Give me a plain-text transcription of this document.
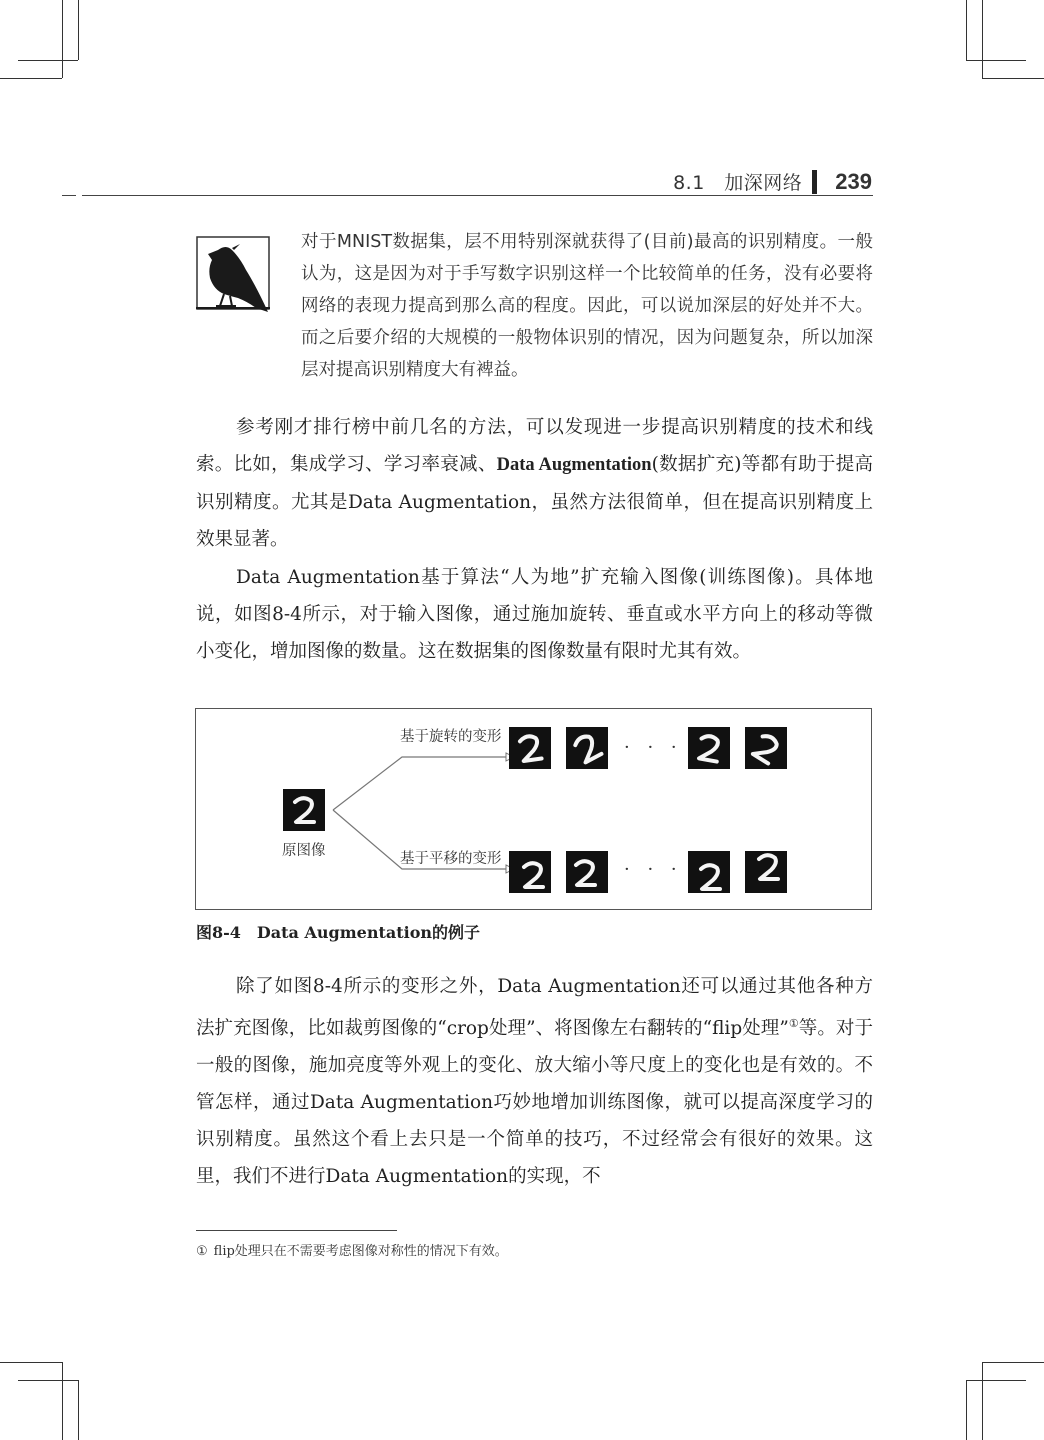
8.1　加深网络 239

对于MNIST数据集，层不用特别深就获得了(目前)最高的识别精度。一般认为，这是因为对于手写数字识别这样一个比较简单的任务，没有必要将网络的表现力提高到那么高的程度。因此，可以说加深层的好处并不大。而之后要介绍的大规模的一般物体识别的情况，因为问题复杂，所以加深层对提高识别精度大有裨益。

参考刚才排行榜中前几名的方法，可以发现进一步提高识别精度的技术和线索。比如，集成学习、学习率衰减、Data Augmentation(数据扩充)等都有助于提高识别精度。尤其是Data Augmentation，虽然方法很简单，但在提高识别精度上效果显著。

Data Augmentation基于算法“人为地”扩充输入图像(训练图像)。具体地说，如图8-4所示，对于输入图像，通过施加旋转、垂直或水平方向上的移动等微小变化，增加图像的数量。这在数据集的图像数量有限时尤其有效。

原图像
基于旋转的变形
基于平移的变形
· · ·
· · ·
图8-4 Data Augmentation的例子

除了如图8-4所示的变形之外，Data Augmentation还可以通过其他各种方法扩充图像，比如裁剪图像的“crop处理”、将图像左右翻转的“flip处理”①等。对于一般的图像，施加亮度等外观上的变化、放大缩小等尺度上的变化也是有效的。不管怎样，通过Data Augmentation巧妙地增加训练图像，就可以提高深度学习的识别精度。虽然这个看上去只是一个简单的技巧，不过经常会有很好的效果。这里，我们不进行Data Augmentation的实现，不

① flip处理只在不需要考虑图像对称性的情况下有效。
